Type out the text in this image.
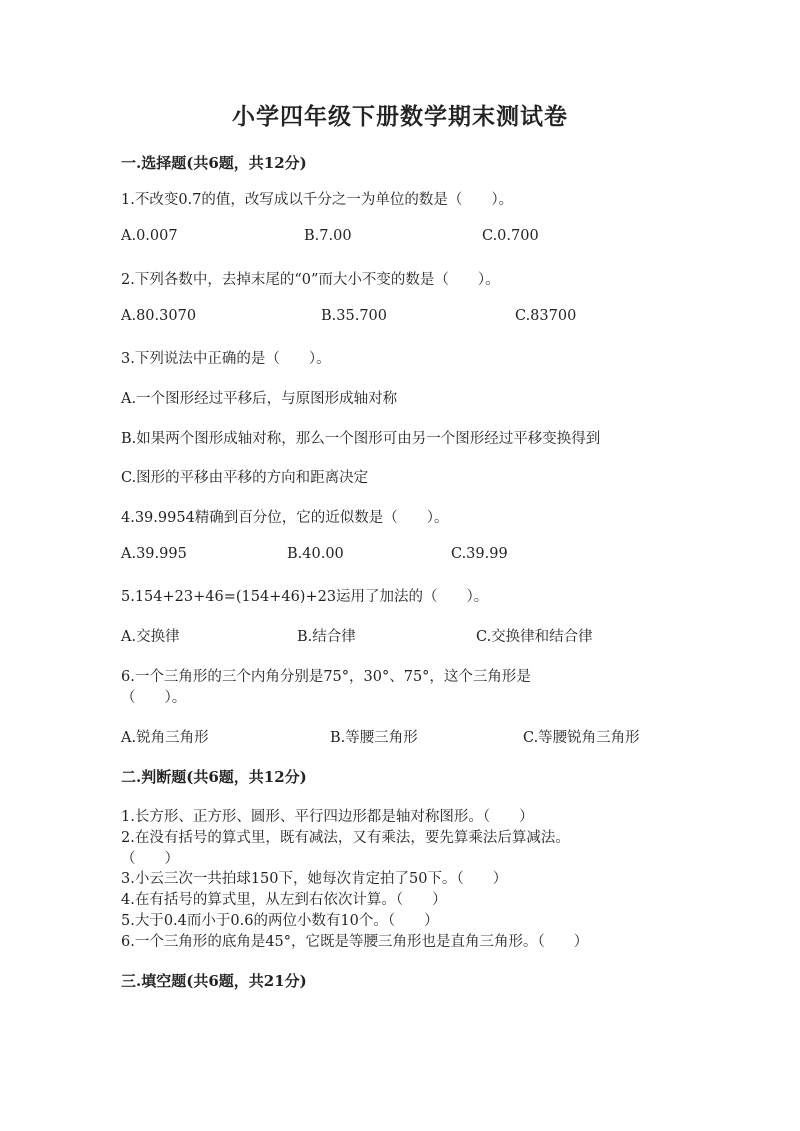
小学四年级下册数学期末测试卷
一.选择题(共6题，共12分)
1.不改变0.7的值，改写成以千分之一为单位的数是（　　）。
A.0.007	B.7.00	C.0.700
2.下列各数中，去掉末尾的“0”而大小不变的数是（　　）。
A.80.3070	B.35.700	C.83700
3.下列说法中正确的是（　　）。
A.一个图形经过平移后，与原图形成轴对称
B.如果两个图形成轴对称，那么一个图形可由另一个图形经过平移变换得到
C.图形的平移由平移的方向和距离决定
4.39.9954精确到百分位，它的近似数是（　　）。
A.39.995	B.40.00	C.39.99
5.154+23+46=(154+46)+23运用了加法的（　　）。
A.交换律	B.结合律	C.交换律和结合律
6.一个三角形的三个内角分别是75°，30°、75°，这个三角形是
（　　）。
A.锐角三角形	B.等腰三角形	C.等腰锐角三角形
二.判断题(共6题，共12分)
1.长方形、正方形、圆形、平行四边形都是轴对称图形。（　　）
2.在没有括号的算式里，既有减法，又有乘法，要先算乘法后算减法。
（　　）
3.小云三次一共拍球150下，她每次肯定拍了50下。（　　）
4.在有括号的算式里，从左到右依次计算。（　　）
5.大于0.4而小于0.6的两位小数有10个。（　　）
6.一个三角形的底角是45°，它既是等腰三角形也是直角三角形。（　　）
三.填空题(共6题，共21分)
